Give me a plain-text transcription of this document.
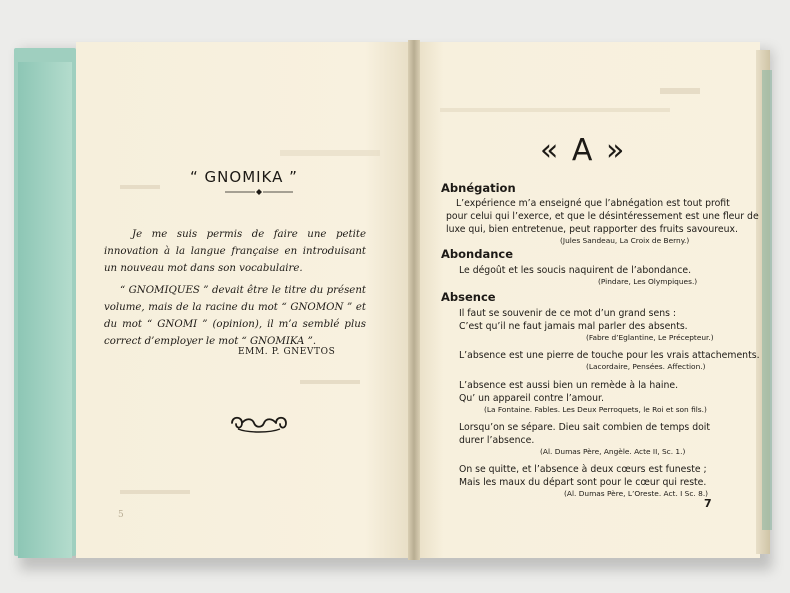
“ GNOMIKA ”
Je me suis permis de faire une petite innovation à la langue française en introduisant un nouveau mot dans son vocabulaire.
“ GNOMIQUES ” devait être le titre du présent volume, mais de la racine du mot “ GNOMON ” et du mot “ GNOMI ” (opinion), il m’a semblé plus correct d’employer le mot “ GNOMIKA ”.
EMM. P. GNEVTOS
5
« A »
Abnégation
L’expérience m’a enseigné que l’abnégation est tout profit
pour celui qui l’exerce, et que le désintéressement est une fleur de
luxe qui, bien entretenue, peut rapporter des fruits savoureux.
(Jules Sandeau, La Croix de Berny.)
Abondance
Le dégoût et les soucis naquirent de l’abondance.
(Pindare, Les Olympiques.)
Absence
Il faut se souvenir de ce mot d’un grand sens :
C’est qu’il ne faut jamais mal parler des absents.
(Fabre d’Eglantine, Le Précepteur.)
L’absence est une pierre de touche pour les vrais attachements.
(Lacordaire, Pensées. Affection.)
L’absence est aussi bien un remède à la haine.
Qu’ un appareil contre l’amour.
(La Fontaine. Fables. Les Deux Perroquets, le Roi et son fils.)
Lorsqu’on se sépare. Dieu sait combien de temps doit
durer l’absence.
(Al. Dumas Père, Angèle. Acte II, Sc. 1.)
On se quitte, et l’absence à deux cœurs est funeste ;
Mais les maux du départ sont pour le cœur qui reste.
(Al. Dumas Père, L’Oreste. Act. I Sc. 8.)
7
